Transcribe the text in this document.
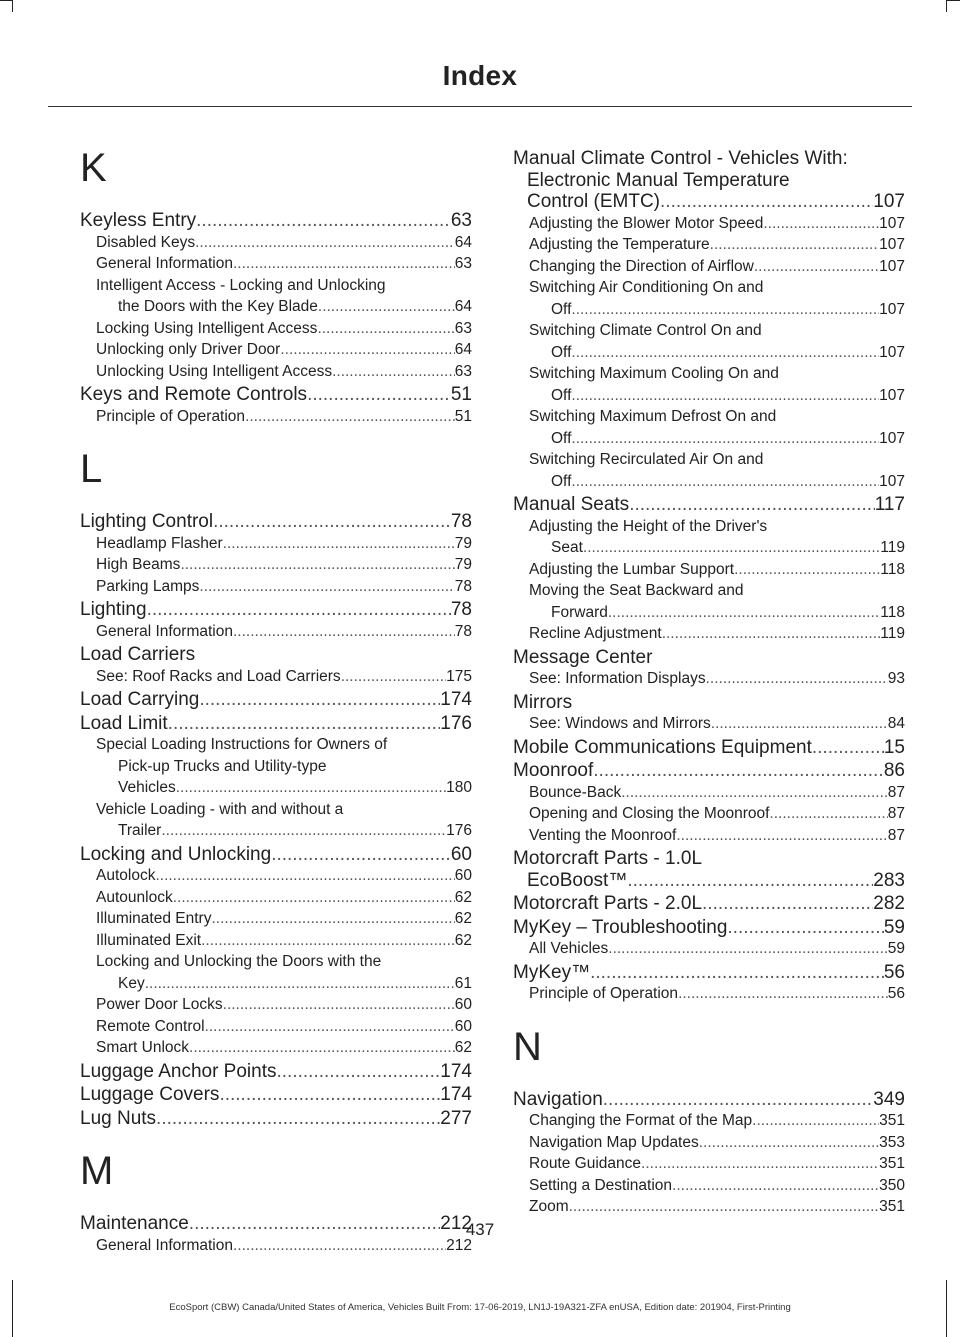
Index
K
Keyless Entry .....	63
Disabled Keys .....	64
General Information .....	63
Intelligent Access - Locking and Unlocking
the Doors with the Key Blade .....	64
Locking Using Intelligent Access .....	63
Unlocking only Driver Door .....	64
Unlocking Using Intelligent Access .....	63
Keys and Remote Controls .....	51
Principle of Operation .....	51
L
Lighting Control .....	78
Headlamp Flasher .....	79
High Beams .....	79
Parking Lamps .....	78
Lighting .....	78
General Information .....	78
Load Carriers
See: Roof Racks and Load Carriers .....	175
Load Carrying .....	174
Load Limit .....	176
Special Loading Instructions for Owners of
Pick-up Trucks and Utility-type
Vehicles .....	180
Vehicle Loading - with and without a
Trailer .....	176
Locking and Unlocking .....	60
Autolock .....	60
Autounlock .....	62
Illuminated Entry .....	62
Illuminated Exit .....	62
Locking and Unlocking the Doors with the
Key .....	61
Power Door Locks .....	60
Remote Control .....	60
Smart Unlock .....	62
Luggage Anchor Points .....	174
Luggage Covers .....	174
Lug Nuts .....	277
M
Maintenance .....	212
General Information .....	212
Manual Climate Control - Vehicles With:
Electronic Manual Temperature
Control (EMTC) .....	107
Adjusting the Blower Motor Speed .....	107
Adjusting the Temperature .....	107
Changing the Direction of Airflow .....	107
Switching Air Conditioning On and
Off .....	107
Switching Climate Control On and
Off .....	107
Switching Maximum Cooling On and
Off .....	107
Switching Maximum Defrost On and
Off .....	107
Switching Recirculated Air On and
Off .....	107
Manual Seats .....	117
Adjusting the Height of the Driver's
Seat .....	119
Adjusting the Lumbar Support .....	118
Moving the Seat Backward and
Forward .....	118
Recline Adjustment .....	119
Message Center
See: Information Displays .....	93
Mirrors
See: Windows and Mirrors .....	84
Mobile Communications Equipment .....	15
Moonroof .....	86
Bounce-Back .....	87
Opening and Closing the Moonroof .....	87
Venting the Moonroof .....	87
Motorcraft Parts - 1.0L
EcoBoost™ .....	283
Motorcraft Parts - 2.0L .....	282
MyKey – Troubleshooting .....	59
All Vehicles .....	59
MyKey™ .....	56
Principle of Operation .....	56
N
Navigation .....	349
Changing the Format of the Map .....	351
Navigation Map Updates .....	353
Route Guidance .....	351
Setting a Destination .....	350
Zoom .....	351
437
EcoSport (CBW) Canada/United States of America, Vehicles Built From: 17-06-2019, LN1J-19A321-ZFA enUSA, Edition date: 201904, First-Printing
